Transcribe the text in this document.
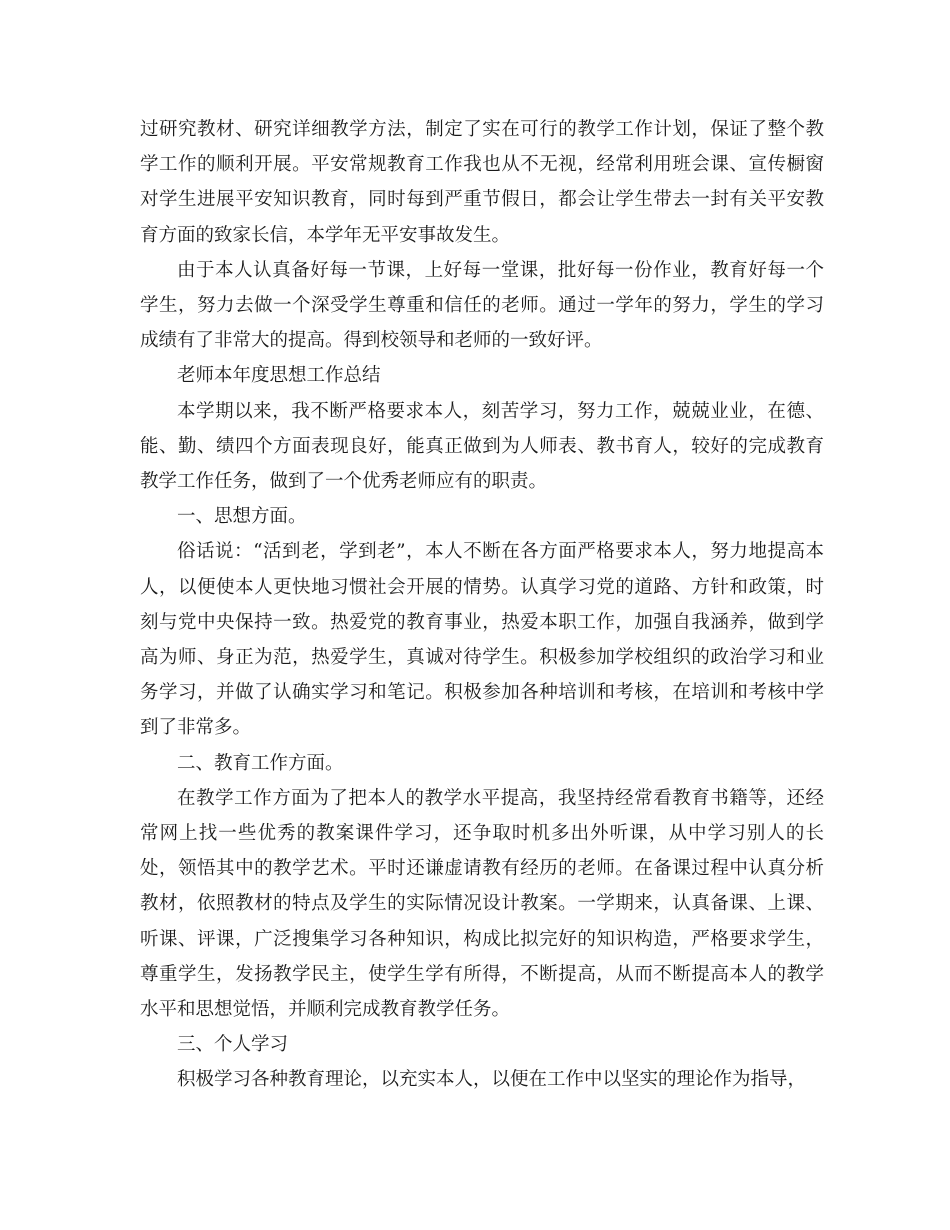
过研究教材、研究详细教学方法，制定了实在可行的教学工作计划，保证了整个教学工作的顺利开展。平安常规教育工作我也从不无视，经常利用班会课、宣传橱窗对学生进展平安知识教育，同时每到严重节假日，都会让学生带去一封有关平安教育方面的致家长信，本学年无平安事故发生。

由于本人认真备好每一节课，上好每一堂课，批好每一份作业，教育好每一个学生，努力去做一个深受学生尊重和信任的老师。通过一学年的努力，学生的学习成绩有了非常大的提高。得到校领导和老师的一致好评。

老师本年度思想工作总结

本学期以来，我不断严格要求本人，刻苦学习，努力工作，兢兢业业，在德、能、勤、绩四个方面表现良好，能真正做到为人师表、教书育人，较好的完成教育教学工作任务，做到了一个优秀老师应有的职责。

一、思想方面。

俗话说：“活到老，学到老”，本人不断在各方面严格要求本人，努力地提高本人，以便使本人更快地习惯社会开展的情势。认真学习党的道路、方针和政策，时刻与党中央保持一致。热爱党的教育事业，热爱本职工作，加强自我涵养，做到学高为师、身正为范，热爱学生，真诚对待学生。积极参加学校组织的政治学习和业务学习，并做了认确实学习和笔记。积极参加各种培训和考核，在培训和考核中学到了非常多。

二、教育工作方面。

在教学工作方面为了把本人的教学水平提高，我坚持经常看教育书籍等，还经常网上找一些优秀的教案课件学习，还争取时机多出外听课，从中学习别人的长处，领悟其中的教学艺术。平时还谦虚请教有经历的老师。在备课过程中认真分析教材，依照教材的特点及学生的实际情况设计教案。一学期来，认真备课、上课、听课、评课，广泛搜集学习各种知识，构成比拟完好的知识构造，严格要求学生，尊重学生，发扬教学民主，使学生学有所得，不断提高，从而不断提高本人的教学水平和思想觉悟，并顺利完成教育教学任务。

三、个人学习

积极学习各种教育理论，以充实本人，以便在工作中以坚实的理论作为指导，
